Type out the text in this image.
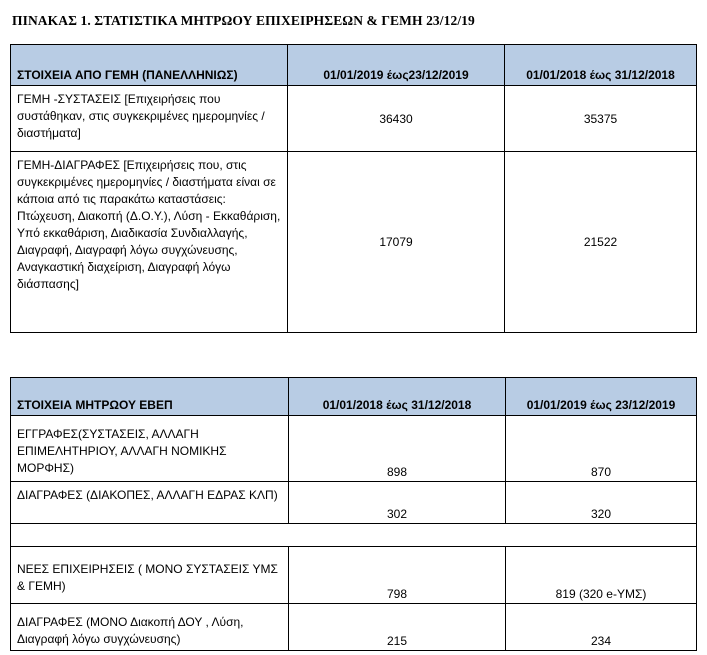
ΠΙΝΑΚΑΣ 1. ΣΤΑΤΙΣΤΙΚΑ ΜΗΤΡΩΟΥ ΕΠΙΧΕΙΡΗΣΕΩΝ & ΓΕΜΗ 23/12/19
ΣΤΟΙΧΕΙΑ ΑΠΟ ΓΕΜΗ (ΠΑΝΕΛΛΗΝΙΩΣ)	01/01/2019 έως23/12/2019	01/01/2018 έως 31/12/2018
ΓΕΜΗ -ΣΥΣΤΑΣΕΙΣ [Επιχειρήσεις που συστάθηκαν, στις συγκεκριμένες ημερομηνίες / διαστήματα]	36430	35375
ΓΕΜΗ-ΔΙΑΓΡΑΦΕΣ [Επιχειρήσεις που, στις συγκεκριμένες ημερομηνίες / διαστήματα είναι σε κάποια από τις παρακάτω καταστάσεις: Πτώχευση, Διακοπή (Δ.Ο.Υ.), Λύση - Εκκαθάριση, Υπό εκκαθάριση, Διαδικασία Συνδιαλλαγής, Διαγραφή, Διαγραφή λόγω συγχώνευσης, Αναγκαστική διαχείριση, Διαγραφή λόγω διάσπασης]	17079	21522
ΣΤΟΙΧΕΙΑ ΜΗΤΡΩΟΥ ΕΒΕΠ	01/01/2018 έως 31/12/2018	01/01/2019 έως 23/12/2019
ΕΓΓΡΑΦΕΣ(ΣΥΣΤΑΣΕΙΣ, ΑΛΛΑΓΗ ΕΠΙΜΕΛΗΤΗΡΙΟΥ, ΑΛΛΑΓΗ ΝΟΜΙΚΗΣ ΜΟΡΦΗΣ)	898	870
ΔΙΑΓΡΑΦΕΣ (ΔΙΑΚΟΠΕΣ, ΑΛΛΑΓΗ ΕΔΡΑΣ ΚΛΠ)	302	320

ΝΕΕΣ ΕΠΙΧΕΙΡΗΣΕΙΣ ( ΜΟΝΟ ΣΥΣΤΑΣΕΙΣ ΥΜΣ & ΓΕΜΗ)	798	819 (320 e-ΥΜΣ)
ΔΙΑΓΡΑΦΕΣ (ΜΟΝΟ Διακοπή ΔΟΥ , Λύση, Διαγραφή λόγω συγχώνευσης)	215	234
